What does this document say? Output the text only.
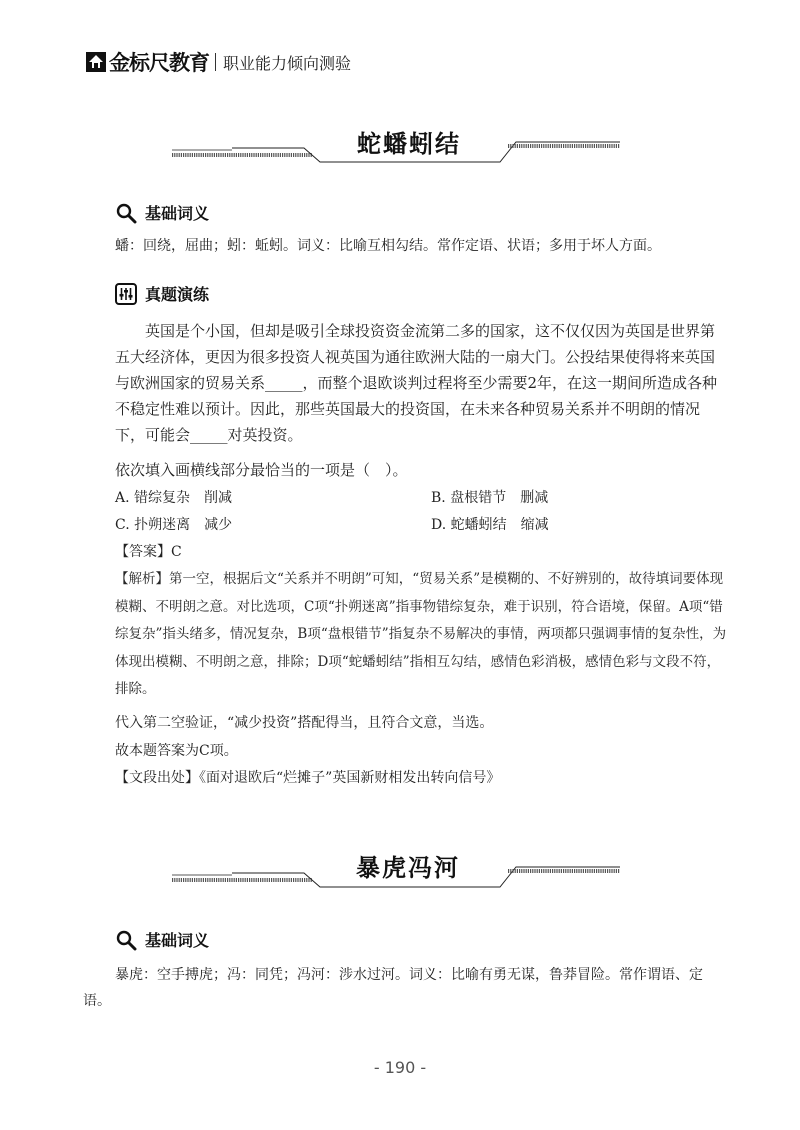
金标尺教育 职业能力倾向测验
蛇蟠蚓结
基础词义
蟠：回绕，屈曲；蚓：蚯蚓。词义：比喻互相勾结。常作定语、状语；多用于坏人方面。
真题演练
英国是个小国，但却是吸引全球投资资金流第二多的国家，这不仅仅因为英国是世界第五大经济体，更因为很多投资人视英国为通往欧洲大陆的一扇大门。公投结果使得将来英国与欧洲国家的贸易关系_____，而整个退欧谈判过程将至少需要2年，在这一期间所造成各种不稳定性难以预计。因此，那些英国最大的投资国，在未来各种贸易关系并不明朗的情况下，可能会_____对英投资。
依次填入画横线部分最恰当的一项是（　）。
A. 错综复杂　削减	B. 盘根错节　删减
C. 扑朔迷离　减少	D. 蛇蟠蚓结　缩减
【答案】C
【解析】第一空，根据后文“关系并不明朗”可知，“贸易关系”是模糊的、不好辨别的，故待填词要体现模糊、不明朗之意。对比选项，C项“扑朔迷离”指事物错综复杂，难于识别，符合语境，保留。A项“错综复杂”指头绪多，情况复杂，B项“盘根错节”指复杂不易解决的事情，两项都只强调事情的复杂性，为体现出模糊、不明朗之意，排除；D项“蛇蟠蚓结”指相互勾结，感情色彩消极，感情色彩与文段不符，排除。
代入第二空验证，“减少投资”搭配得当，且符合文意，当选。
故本题答案为C项。
【文段出处】《面对退欧后“烂摊子”英国新财相发出转向信号》
暴虎冯河
基础词义
暴虎：空手搏虎；冯：同凭；冯河：涉水过河。词义：比喻有勇无谋，鲁莽冒险。常作谓语、定语。
- 190 -
